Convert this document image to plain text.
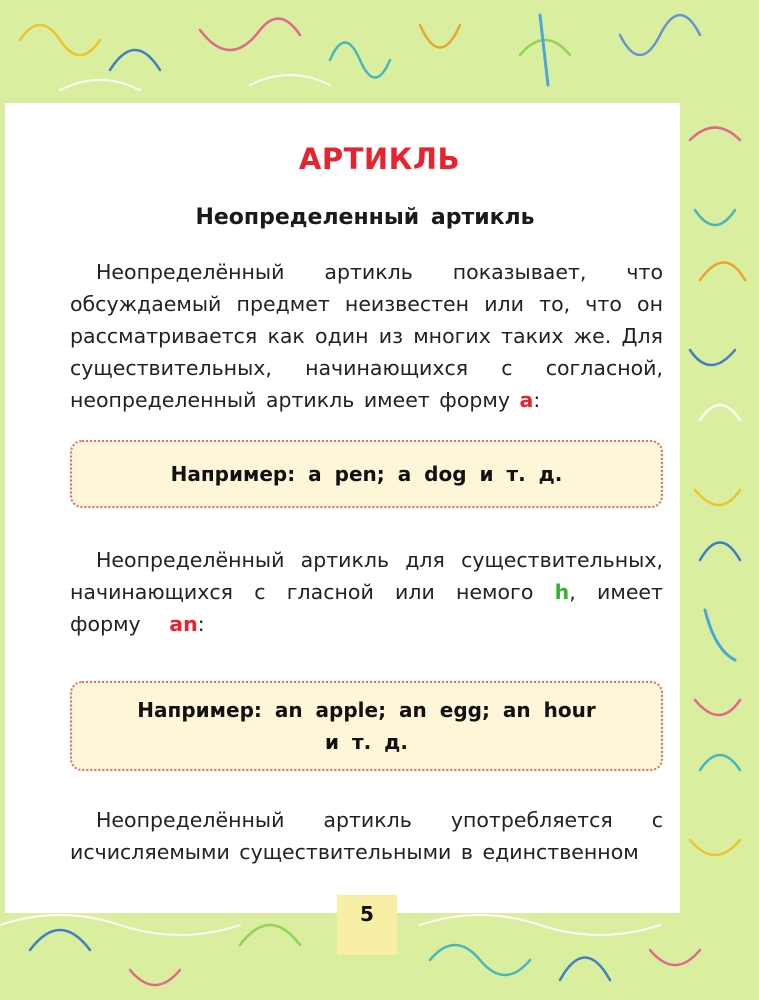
АРТИКЛЬ
Неопределенный артикль

Неопределённый артикль показывает, что обсуждаемый предмет неизвестен или то, что он рассматривается как один из многих таких же. Для существительных, начинающихся с согласной, неопределенный артикль имеет форму a:

Например: a pen; a dog и т. д.

Неопределённый артикль для существительных, начинающихся с гласной или немого h, имеет форму   an:

Например: an apple; an egg; an hour
и т. д.

Неопределённый артикль употребляется с исчисляемыми существительными в единственном

5
